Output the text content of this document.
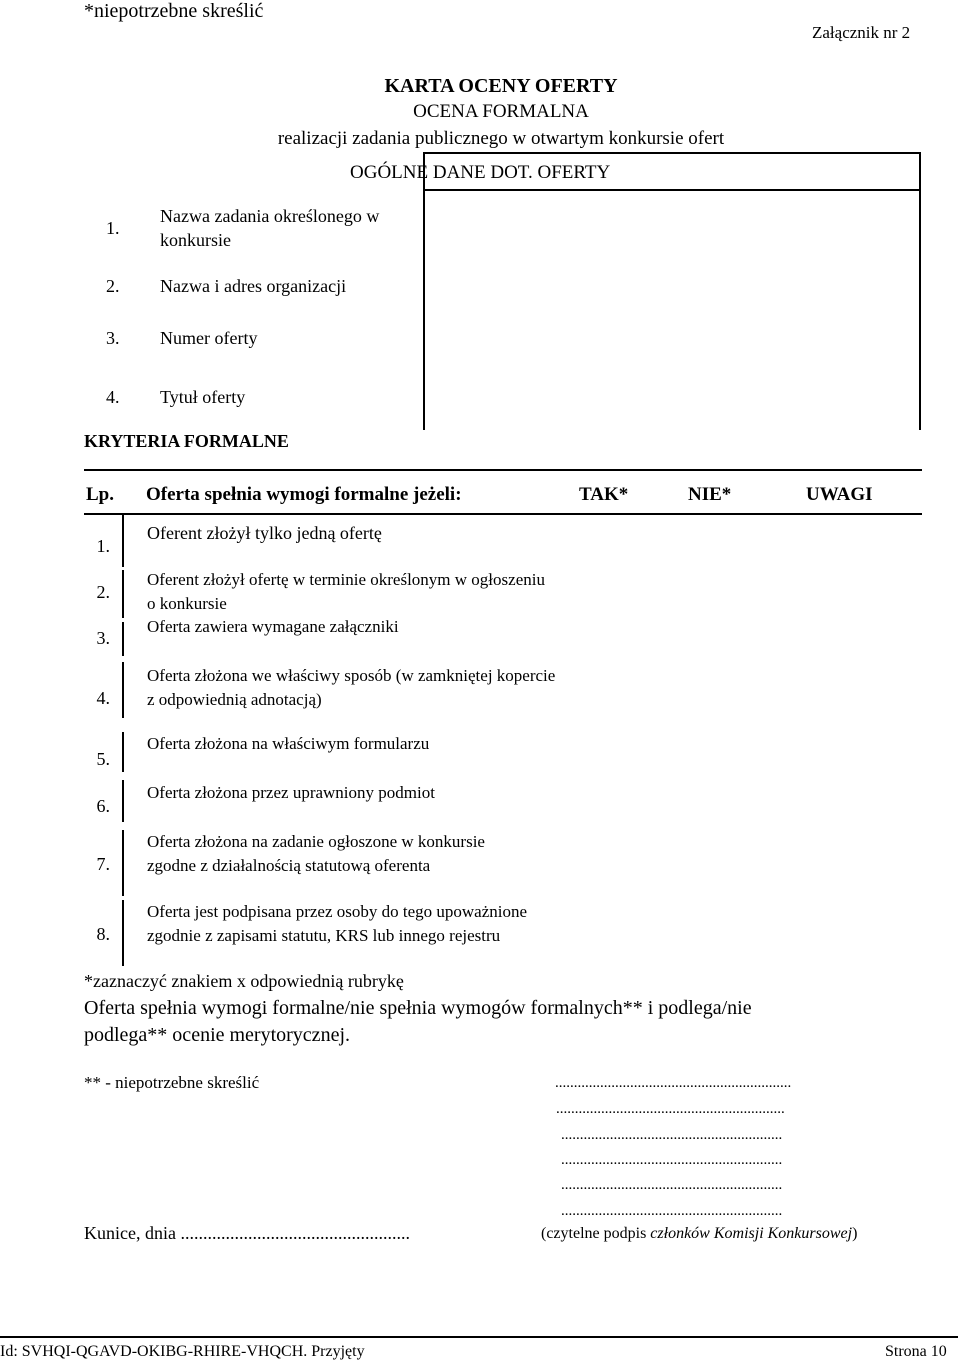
*niepotrzebne skreślić
Załącznik nr 2
KARTA OCENY OFERTY
OCENA FORMALNA
realizacji zadania publicznego w otwartym konkursie ofert
OGÓLNE DANE DOT. OFERTY
1.
Nazwa zadania określonego w konkursie
2. Nazwa i adres organizacji
3. Numer oferty
4. Tytuł oferty
KRYTERIA FORMALNE
Lp. Oferta spełnia wymogi formalne jeżeli:	TAK*	NIE*	UWAGI
1.
Oferent złożył tylko jedną ofertę
2.
Oferent złożył ofertę w terminie określonym w ogłoszeniu o konkursie
3.
Oferta zawiera wymagane załączniki
4.
Oferta złożona we właściwy sposób (w zamkniętej kopercie z odpowiednią adnotacją)
5.
Oferta złożona na właściwym formularzu
6.
Oferta złożona przez uprawniony podmiot
7.
Oferta złożona na zadanie ogłoszone w konkursie zgodne z działalnością statutową oferenta
8.
Oferta jest podpisana przez osoby do tego upoważnione zgodnie z zapisami statutu, KRS lub innego rejestru
*zaznaczyć znakiem x odpowiednią rubrykę
Oferta spełnia wymogi formalne/nie spełnia wymogów formalnych** i podlega/nie
podlega** ocenie merytorycznej.
** - niepotrzebne skreślić	...............................................................
.............................................................
...........................................................
...........................................................
...........................................................
...........................................................
Kunice, dnia ...................................................	(czytelne podpis członków Komisji Konkursowej)
Id: SVHQI-QGAVD-OKIBG-RHIRE-VHQCH. Przyjęty	Strona 10
